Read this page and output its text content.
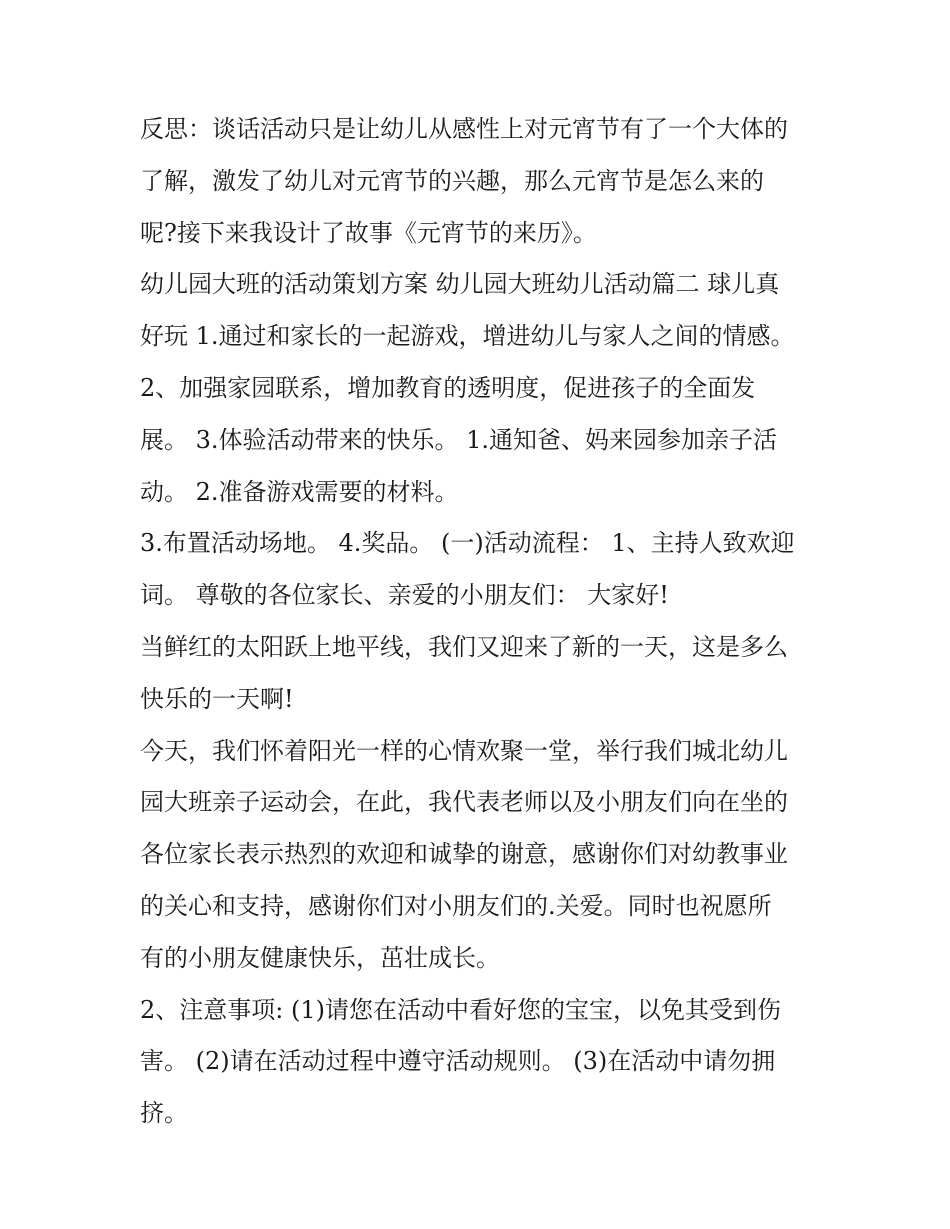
反思：谈话活动只是让幼儿从感性上对元宵节有了一个大体的
了解，激发了幼儿对元宵节的兴趣，那么元宵节是怎么来的
呢?接下来我设计了故事《元宵节的来历》。
幼儿园大班的活动策划方案 幼儿园大班幼儿活动篇二 球儿真
好玩 1.通过和家长的一起游戏，增进幼儿与家人之间的情感。
2、加强家园联系，增加教育的透明度，促进孩子的全面发
展。 3.体验活动带来的快乐。 1.通知爸、妈来园参加亲子活
动。 2.准备游戏需要的材料。
3.布置活动场地。 4.奖品。 (一)活动流程： 1、主持人致欢迎
词。 尊敬的各位家长、亲爱的小朋友们： 大家好!
当鲜红的太阳跃上地平线，我们又迎来了新的一天，这是多么
快乐的一天啊!
今天，我们怀着阳光一样的心情欢聚一堂，举行我们城北幼儿
园大班亲子运动会，在此，我代表老师以及小朋友们向在坐的
各位家长表示热烈的欢迎和诚挚的谢意，感谢你们对幼教事业
的关心和支持，感谢你们对小朋友们的.关爱。同时也祝愿所
有的小朋友健康快乐，茁壮成长。
2、注意事项: (1)请您在活动中看好您的宝宝，以免其受到伤
害。 (2)请在活动过程中遵守活动规则。 (3)在活动中请勿拥
挤。
